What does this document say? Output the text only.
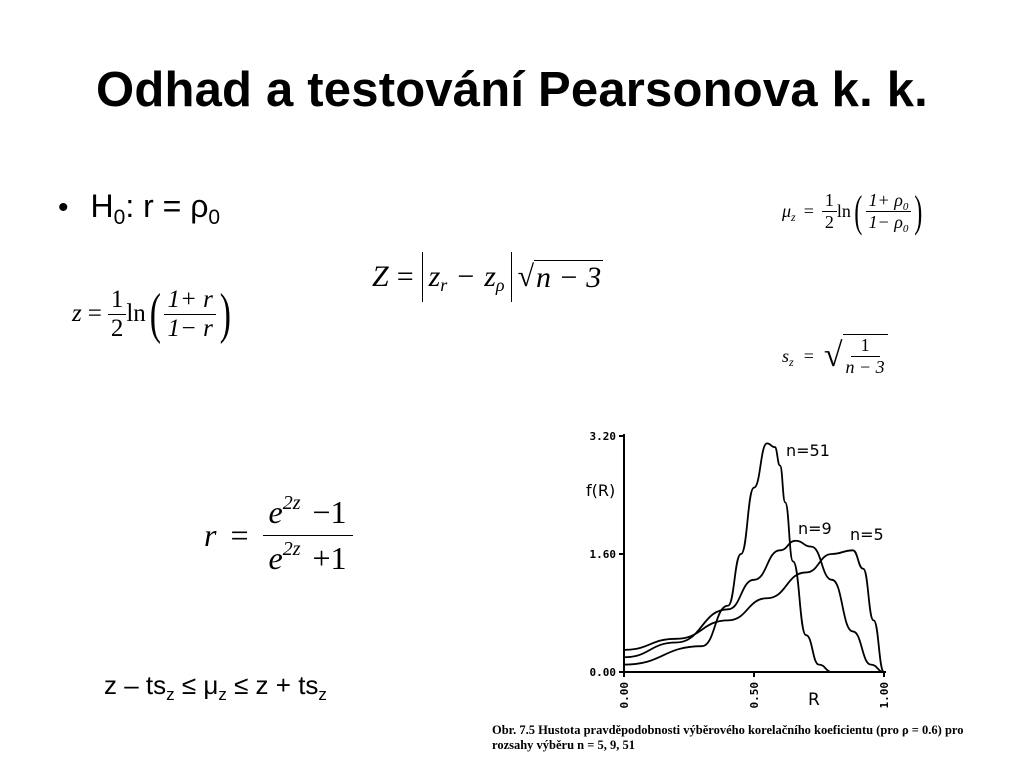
Odhad a testování Pearsonova k. k.
• H 0 : r = ρ 0
$z = \frac{1}{2}$ ln ( $\frac{1+ r}{1- r}$ )
Z = z r − z ρ √ n − 3
μ $z = \frac{1}{2}$ ln ( $\frac{1+ \rho_0}{1- \rho_0}$ )
s z = √ $\frac{1}{n - 3}$
$r = \frac{e^{2z} -1}{e^{2z} +1}$
$z - ts_z \le \mu_z \le z + ts_z$
0.00
1.60
3.20
0.00	0.50	1.00
f(R)
R
n=51
n=9 n=5
Obr. 7.5 Hustota pravděpodobnosti výběrového korelačního koeficientu (pro ρ = 0.6) pro
rozsahy výběru n = 5, 9, 51
